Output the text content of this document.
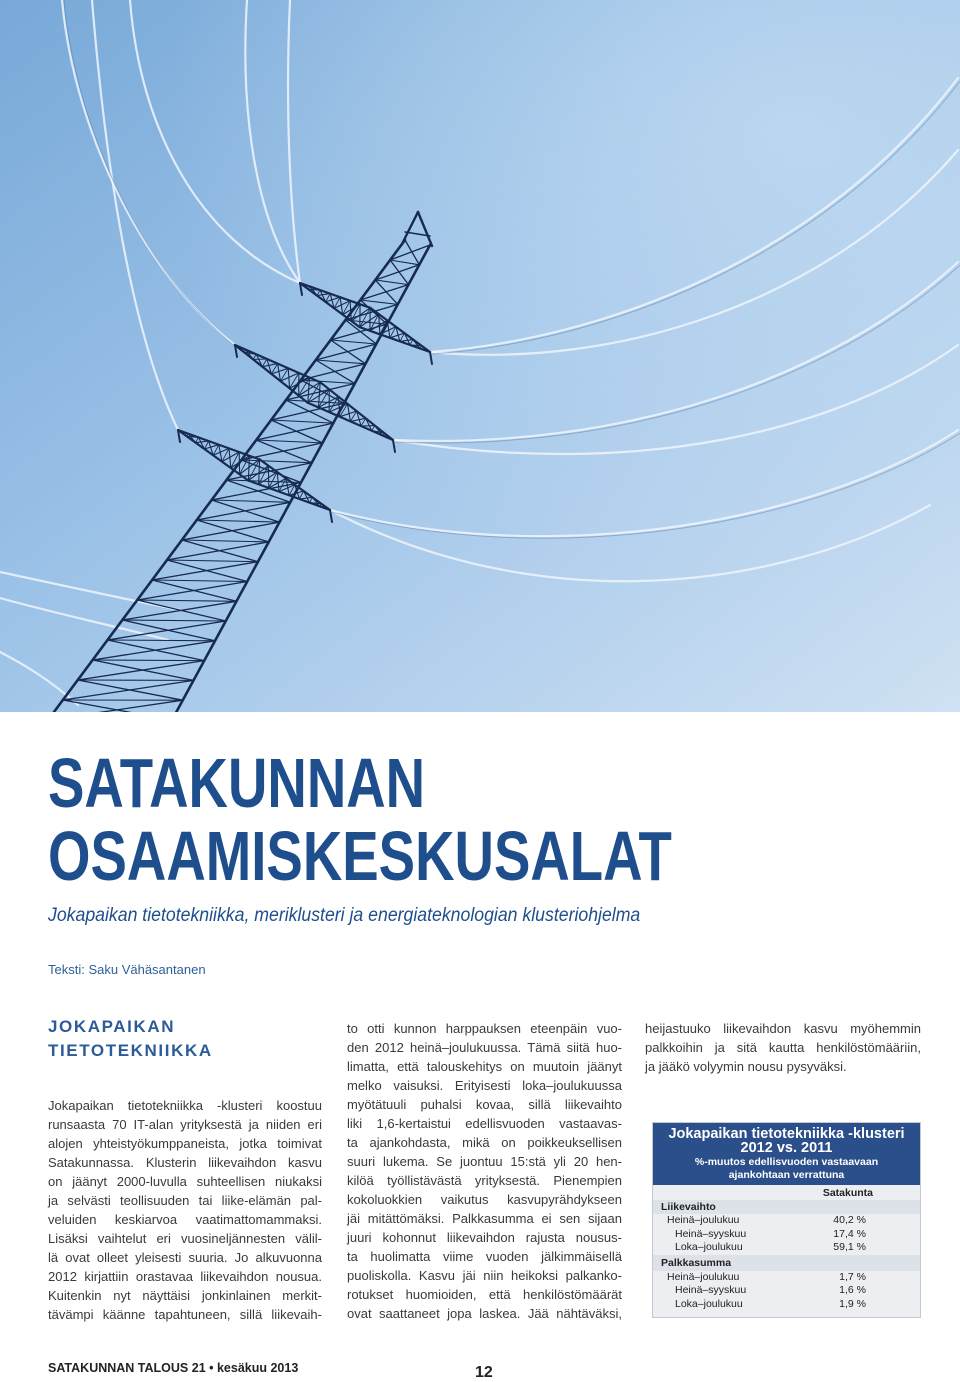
SATAKUNNAN
OSAAMISKESKUSALAT
Jokapaikan tietotekniikka, meriklusteri ja energiateknologian klusteriohjelma
Teksti: Saku Vähäsantanen
JOKAPAIKAN
TIETOTEKNIIKKA
Jokapaikan tietotekniikka -klusteri koostuu
runsaasta 70 IT-alan yrityksestä ja niiden eri
alojen yhteistyökumppaneista, jotka toimivat
Satakunnassa. Klusterin liikevaihdon kasvu
on jäänyt 2000-luvulla suhteellisen niukaksi
ja selvästi teollisuuden tai liike-elämän pal-
veluiden keskiarvoa vaatimattomammaksi.
Lisäksi vaihtelut eri vuosineljännesten välil-
lä ovat olleet yleisesti suuria. Jo alkuvuonna
2012 kirjattiin orastavaa liikevaihdon nousua.
Kuitenkin nyt näyttäisi jonkinlainen merkit-
tävämpi käänne tapahtuneen, sillä liikevaih-
to otti kunnon harppauksen eteenpäin vuo-
den 2012 heinä–joulukuussa. Tämä siitä huo-
limatta, että talouskehitys on muutoin jäänyt
melko vaisuksi. Erityisesti loka–joulukuussa
myötätuuli puhalsi kovaa, sillä liikevaihto
liki 1,6-kertaistui edellisvuoden vastaavas-
ta ajankohdasta, mikä on poikkeuksellisen
suuri lukema. Se juontuu 15:stä yli 20 hen-
kilöä työllistävästä yrityksestä. Pienempien
kokoluokkien vaikutus kasvupyrähdykseen
jäi mitättömäksi. Palkkasumma ei sen sijaan
juuri kohonnut liikevaihdon rajusta nousus-
ta huolimatta viime vuoden jälkimmäisellä
puoliskolla. Kasvu jäi niin heikoksi palkanko-
rotukset huomioiden, että henkilöstömäärät
ovat saattaneet jopa laskea. Jää nähtäväksi,
heijastuuko liikevaihdon kasvu myöhemmin
palkkoihin ja sitä kautta henkilöstömääriin,
ja jääkö volyymin nousu pysyväksi.
Jokapaikan tietotekniikka -klusteri
2012 vs. 2011
%-muutos edellisvuoden vastaavaan
ajankohtaan verrattuna
Satakunta
Liikevaihto
Heinä–joulukuu	40,2 %
Heinä–syyskuu	17,4 %
Loka–joulukuu	59,1 %
Palkkasumma
Heinä–joulukuu	1,7 %
Heinä–syyskuu	1,6 %
Loka–joulukuu	1,9 %
SATAKUNNAN TALOUS 21 • kesäkuu 2013	12
